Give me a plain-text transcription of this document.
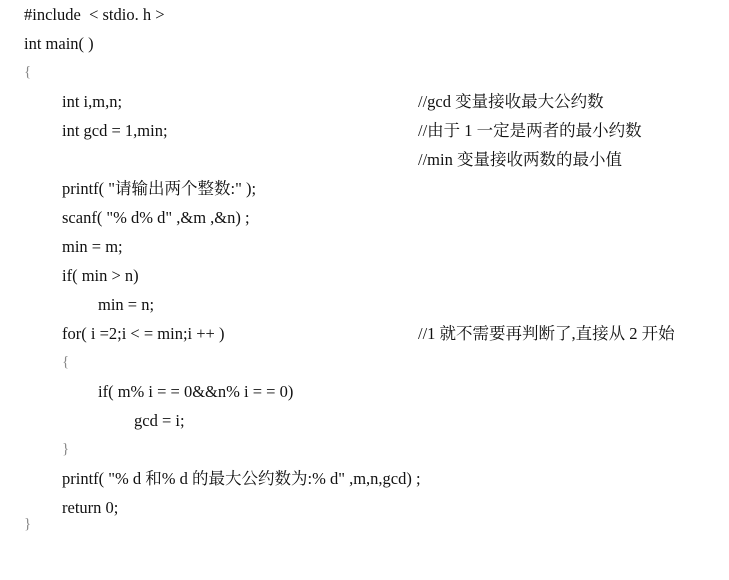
#include  < stdio. h >

int main( )

{

int i,m,n;

	//gcd 变量接收最大公约数

int gcd = 1,min;

	//由于 1 一定是两者的最小约数

//min 变量接收两数的最小值

printf( "请输出两个整数:" );

scanf( "% d% d" ,&m ,&n) ;

min = m;

if( min > n)

min = n;

for( i =2;i < = min;i ++ )

	//1 就不需要再判断了,直接从 2 开始

{

if( m% i = = 0&&n% i = = 0)

gcd = i;

}

printf( "% d 和% d 的最大公约数为:% d" ,m,n,gcd) ;

return 0;

}
